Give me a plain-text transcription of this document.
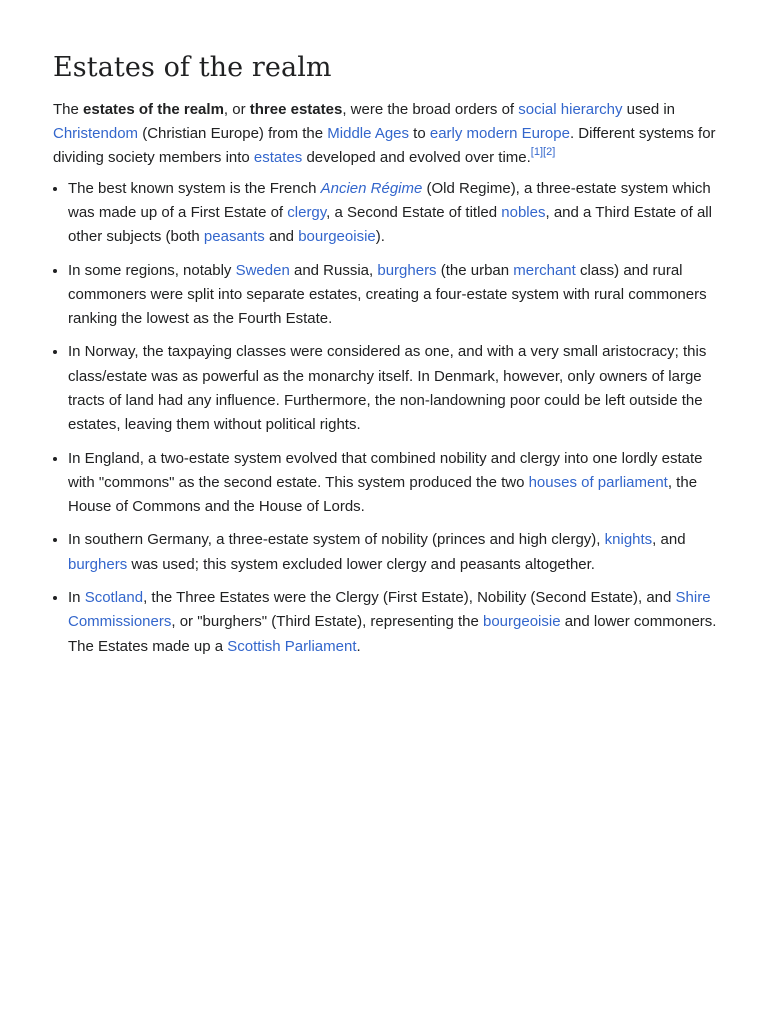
Estates of the realm

The estates of the realm, or three estates, were the broad orders of social hierarchy used in Christendom (Christian Europe) from the Middle Ages to early modern Europe. Different systems for dividing society members into estates developed and evolved over time.[1][2]

• The best known system is the French Ancien Régime (Old Regime), a three-estate system which was made up of a First Estate of clergy, a Second Estate of titled nobles, and a Third Estate of all other subjects (both peasants and bourgeoisie).
• In some regions, notably Sweden and Russia, burghers (the urban merchant class) and rural commoners were split into separate estates, creating a four-estate system with rural commoners ranking the lowest as the Fourth Estate.
• In Norway, the taxpaying classes were considered as one, and with a very small aristocracy; this class/estate was as powerful as the monarchy itself. In Denmark, however, only owners of large tracts of land had any influence. Furthermore, the non-landowning poor could be left outside the estates, leaving them without political rights.
• In England, a two-estate system evolved that combined nobility and clergy into one lordly estate with "commons" as the second estate. This system produced the two houses of parliament, the House of Commons and the House of Lords.
• In southern Germany, a three-estate system of nobility (princes and high clergy), knights, and burghers was used; this system excluded lower clergy and peasants altogether.
• In Scotland, the Three Estates were the Clergy (First Estate), Nobility (Second Estate), and Shire Commissioners, or "burghers" (Third Estate), representing the bourgeoisie and lower commoners. The Estates made up a Scottish Parliament.
